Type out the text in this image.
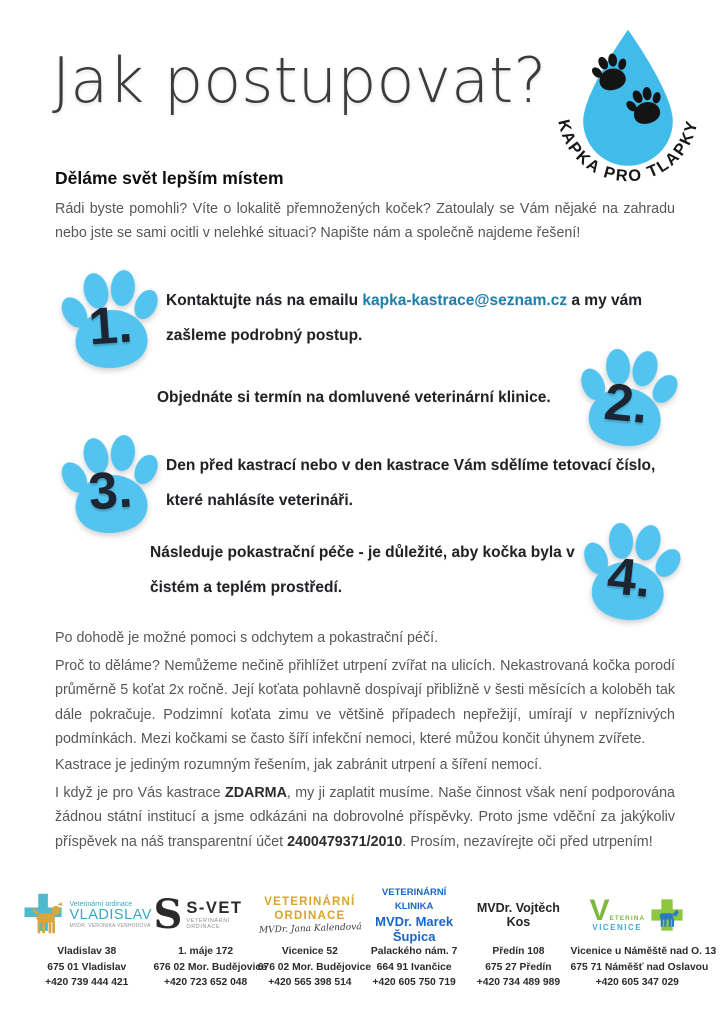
Jak postupovat?
KAPKA PRO TLAPKY
Děláme svět lepším místem

Rádi byste pomohli? Víte o lokalitě přemnožených koček? Zatoulaly se Vám nějaké na zahradu nebo jste se sami ocitli v nelehké situaci? Napište nám a společně najdeme řešení!

1. Kontaktujte nás na emailu kapka-kastrace@seznam.cz a my vám zašleme podrobný postup.

Objednáte si termín na domluvené veterinární klinice. 2.
3. Den před kastrací nebo v den kastrace Vám sdělíme tetovací číslo, které nahlásíte veterináři.

Následuje pokastrační péče - je důležité, aby kočka byla v čistém a teplém prostředí.	4.

Po dohodě je možné pomoci s odchytem a pokastrační péčí.

Proč to děláme? Nemůžeme nečině přihlížet utrpení zvířat na ulicích. Nekastrovaná kočka porodí průměrně 5 koťat 2x ročně. Její koťata pohlavně dospívají přibližně v šesti měsících a koloběh tak dále pokračuje. Podzimní koťata zimu ve většině případech nepřežijí, umírají v nepříznivých podmínkách. Mezi kočkami se často šíří infekční nemoci, které můžou končit úhynem zvířete.

Kastrace je jediným rozumným řešením, jak zabránit utrpení a šíření nemocí.

I když je pro Vás kastrace ZDARMA, my ji zaplatit musíme. Naše činnost však není podporována žádnou státní institucí a jsme odkázáni na dobrovolné příspěvky. Proto jsme vděční za jakýkoliv příspěvek na náš transparentní účet 2400479371/2010. Prosím, nezavírejte oči před utrpením!

Veterinární ordinace
VLADISLAV
MVDR. VERONIKA VENHODOVÁ
Vladislav 38
675 01 Vladislav
+420 739 444 421
S S-VET
VETERINÁRNÍ ORDINACE
1. máje 172
676 02 Mor. Budějovice
+420 723 652 048
VETERINÁRNÍ
ORDINACE
MVDr. Jana Kalendová
Vicenice 52
676 02 Mor. Budějovice
+420 565 398 514
VETERINÁRNÍ KLINIKA
MVDr. Marek Šupica
Palackého nám. 7
664 91 Ivančice
+420 605 750 719
MVDr. Vojtěch Kos
Předín 108
675 27 Předín
+420 734 489 989
VETERINA
VICENICE
Vicenice u Náměště nad O. 13
675 71 Náměšť nad Oslavou
+420 605 347 029
